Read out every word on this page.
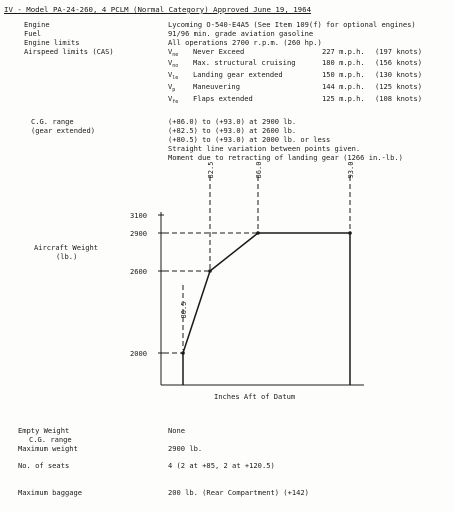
IV - Model PA-24-260, 4 PCLM (Normal Category) Approved June 19, 1964
Engine	Lycoming O-540-E4A5 (See Item 109(f) for optional engines)
Fuel	91/96 min. grade aviation gasoline
Engine limits	All operations 2700 r.p.m. (260 hp.)
Airspeed limits (CAS)	$V_{ne}$ Never Exceed	227 m.p.h. (197 knots)
$V_{no}$ Max. structural cruising	180 m.p.h. (156 knots)
$V_{le}$ Landing gear extended	150 m.p.h. (130 knots)
$V_p$ Maneuvering	144 m.p.h. (125 knots)
$V_{fe}$ Flaps extended	125 m.p.h. (108 knots)
C.G. range
(gear extended)
(+86.0) to (+93.0) at 2900 lb.
(+82.5) to (+93.0) at 2600 lb.
(+80.5) to (+93.0) at 2000 lb. or less
Straight line variation between points given.
Moment due to retracting of landing gear (1266 in.-lb.)
82.5	86.0	93.0
80.5
3100
2900
2600
2000
Aircraft Weight
(lb.)
Inches Aft of Datum
Empty Weight	None
C.G. range
Maximum weight	2900 lb.
No. of seats	4 (2 at +85, 2 at +120.5)
Maximum baggage	200 lb. (Rear Compartment) (+142)
